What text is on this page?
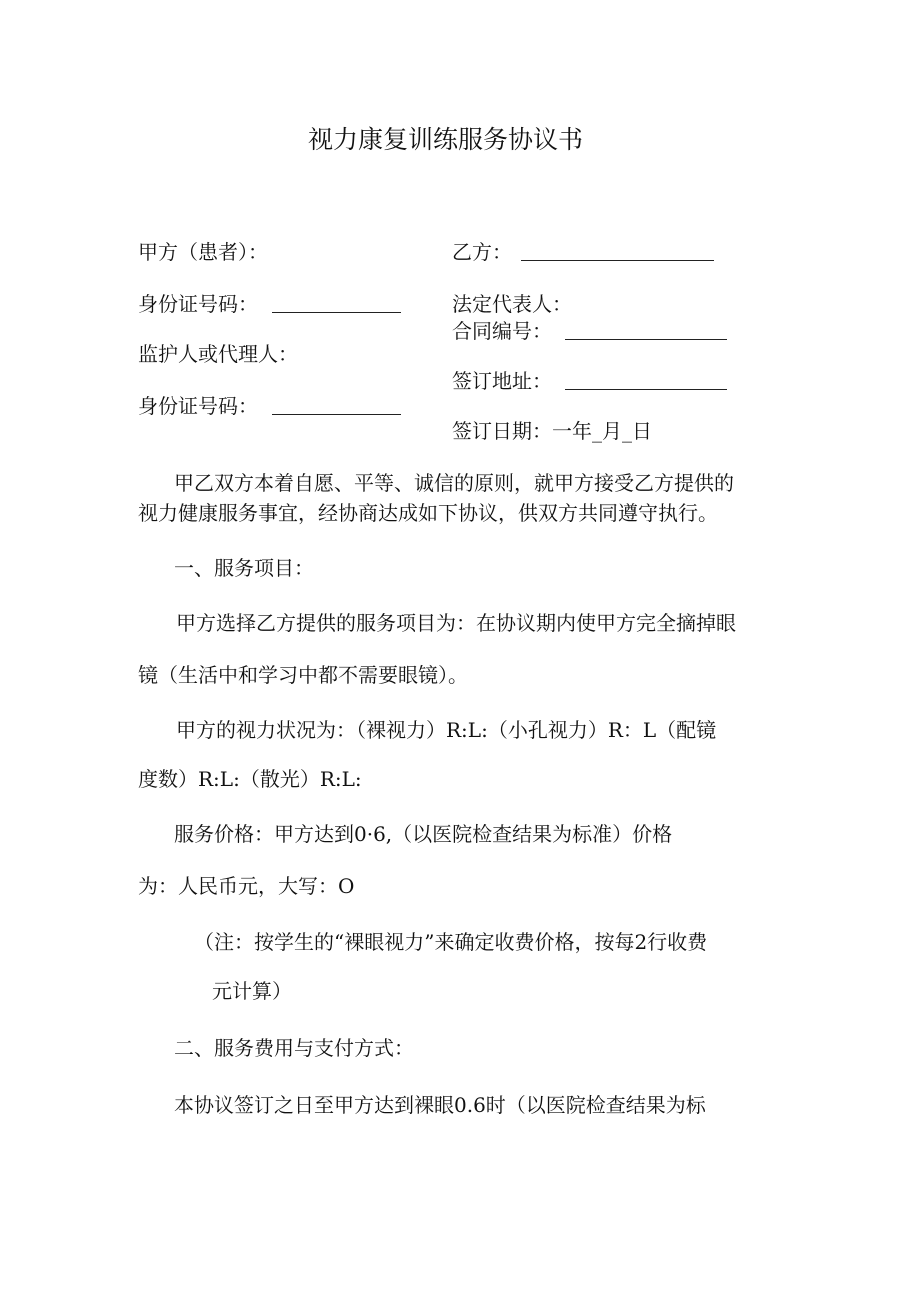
视力康复训练服务协议书
甲方（患者）：	乙方：
身份证号码：	法定代表人：
合同编号：
监护人或代理人：
签订地址：
身份证号码：
签订日期：一年_月_日
甲乙双方本着自愿、平等、诚信的原则，就甲方接受乙方提供的
视力健康服务事宜，经协商达成如下协议，供双方共同遵守执行。
一、服务项目：
甲方选择乙方提供的服务项目为：在协议期内使甲方完全摘掉眼
镜（生活中和学习中都不需要眼镜）。
甲方的视力状况为：（裸视力）R:L:（小孔视力）R：L（配镜
度数）R:L:（散光）R:L:
服务价格：甲方达到0·6,（以医院检查结果为标准）价格
为：人民币元，大写：O
（注：按学生的“裸眼视力”来确定收费价格，按每2行收费
元计算）
二、服务费用与支付方式：
本协议签订之日至甲方达到裸眼0.6时（以医院检查结果为标
